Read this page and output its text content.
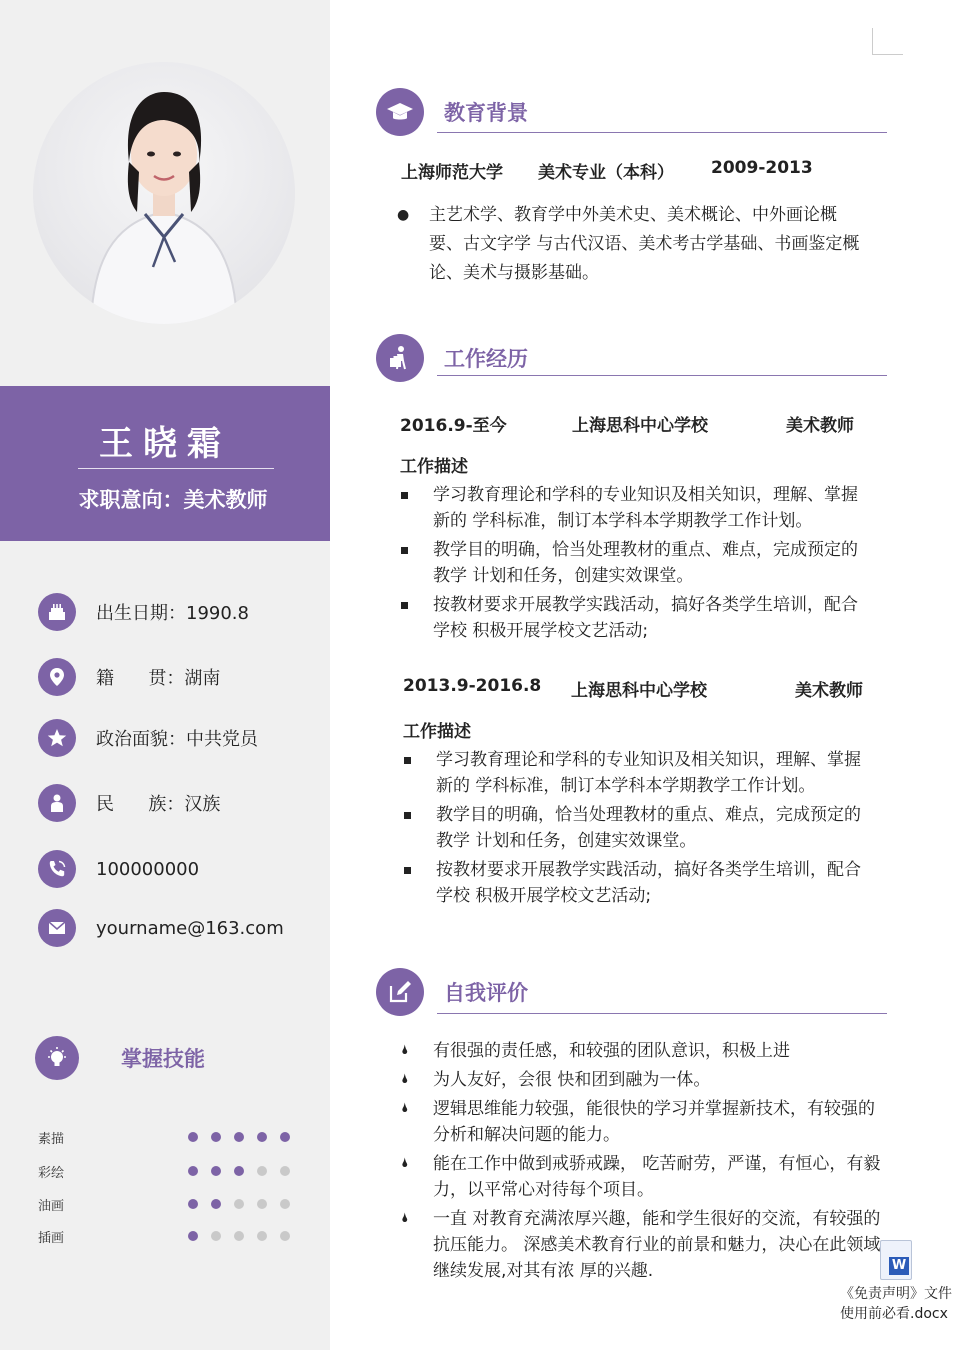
王晓霜
求职意向：美术教师
出生日期：1990.8
籍      贯：湖南
政治面貌：中共党员
民      族：汉族
100000000
yourname@163.com
掌握技能
素描
彩绘
油画
插画
教育背景
上海师范大学 美术专业（本科） 2009-2013
● 主艺术学、教育学中外美术史、美术概论、中外画论概要、古文字学 与古代汉语、美术考古学基础、书画鉴定概论、美术与摄影基础。
工作经历
2016.9-至今	上海思科中心学校	美术教师
工作描述
学习教育理论和学科的专业知识及相关知识，理解、掌握新的 学科标准，制订本学科本学期教学工作计划。
教学目的明确，恰当处理教材的重点、难点，完成预定的教学 计划和任务，创建实效课堂。
按教材要求开展教学实践活动，搞好各类学生培训，配合学校 积极开展学校文艺活动;
2013.9-2016.8 上海思科中心学校	美术教师
工作描述
学习教育理论和学科的专业知识及相关知识，理解、掌握新的 学科标准，制订本学科本学期教学工作计划。
教学目的明确，恰当处理教材的重点、难点，完成预定的教学 计划和任务，创建实效课堂。
按教材要求开展教学实践活动，搞好各类学生培训，配合学校 积极开展学校文艺活动;
自我评价
🌢 有很强的责任感，和较强的团队意识，积极上进
🌢 为人友好，会很 快和团到融为一体。
🌢 逻辑思维能力较强，能很快的学习并掌握新技术，有较强的分析和解决问题的能力。
🌢 能在工作中做到戒骄戒躁， 吃苦耐劳，严谨，有恒心，有毅力，以平常心对待每个项目。
🌢 一直 对教育充满浓厚兴趣，能和学生很好的交流，有较强的抗压能力。 深感美术教育行业的前景和魅力，决心在此领域继续发展,对其有浓 厚的兴趣.	W
《免责声明》文件
使用前必看.docx
